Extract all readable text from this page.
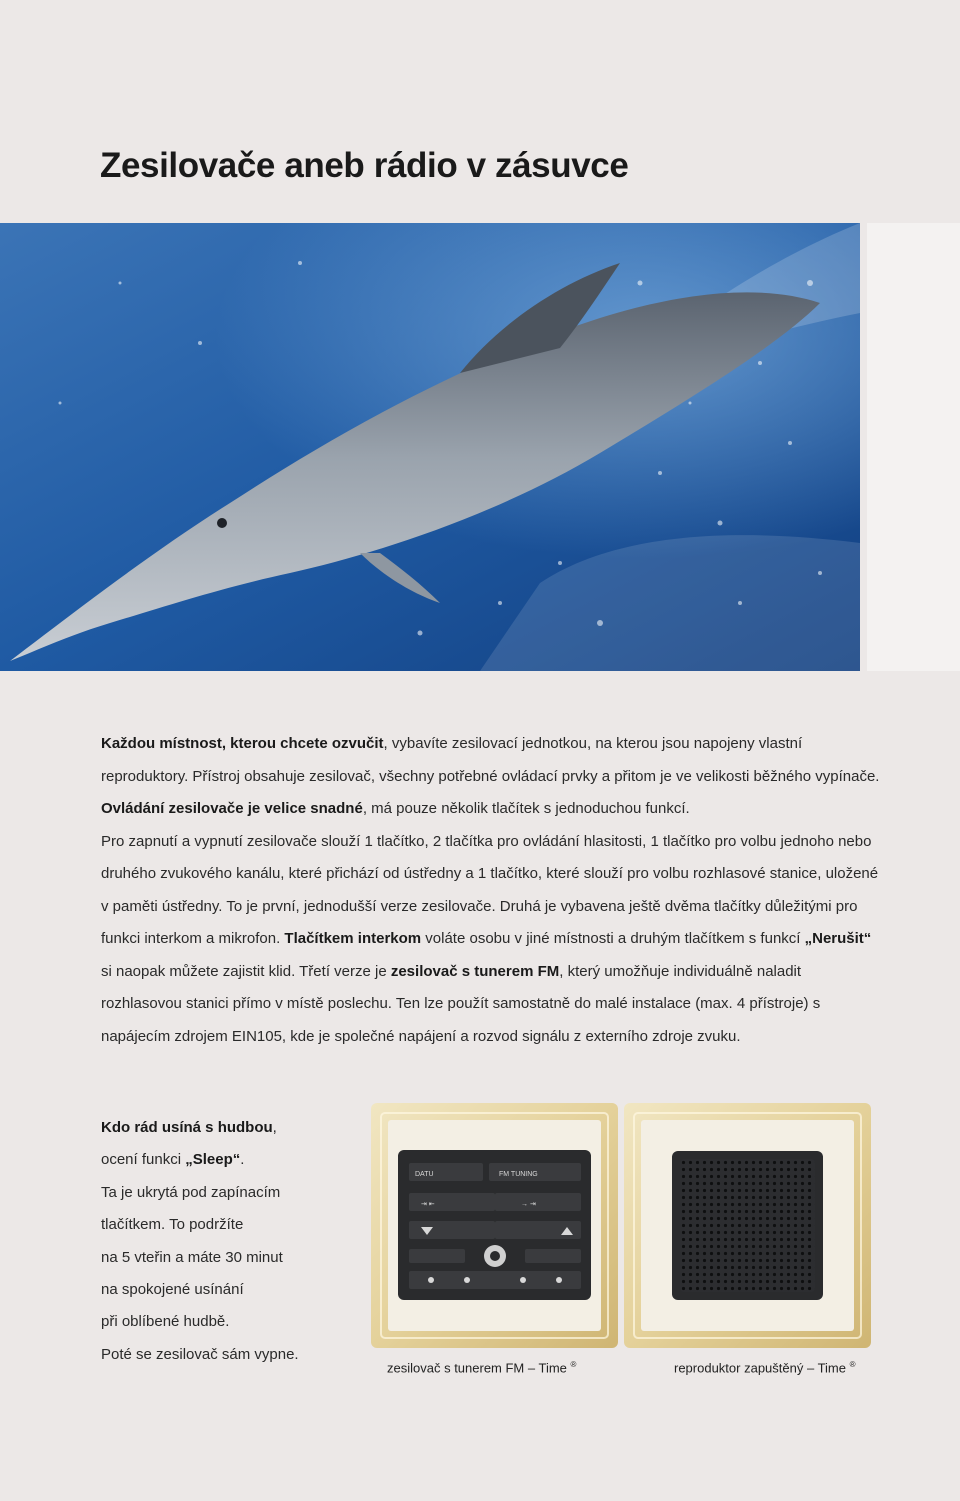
Zesilovače aneb rádio v zásuvce

Každou místnost, kterou chcete ozvučit, vybavíte zesilovací jednotkou, na kterou jsou napojeny vlastní reproduktory. Přístroj obsahuje zesilovač, všechny potřebné ovládací prvky a přitom je ve velikosti běžného vypínače. Ovládání zesilovače je velice snadné, má pouze několik tlačítek s jednoduchou funkcí.

Pro zapnutí a vypnutí zesilovače slouží 1 tlačítko, 2 tlačítka pro ovládání hlasitosti, 1 tlačítko pro volbu jednoho nebo druhého zvukového kanálu, které přichází od ústředny a 1 tlačítko, které slouží pro volbu rozhlasové stanice, uložené v paměti ústředny. To je první, jednodušší verze zesilovače. Druhá je vybavena ještě dvěma tlačítky důležitými pro funkci interkom a mikrofon. Tlačítkem interkom voláte osobu v jiné místnosti a druhým tlačítkem s funkcí „Nerušit“ si naopak můžete zajistit klid. Třetí verze je zesilovač s tunerem FM, který umožňuje individuálně naladit rozhlasovou stanici přímo v místě poslechu. Ten lze použít samostatně do malé instalace (max. 4 přístroje) s napájecím zdrojem EIN105, kde je společné napájení a rozvod signálu z externího zdroje zvuku.

Kdo rád usíná s hudbou,
ocení funkci „Sleep“.
Ta je ukrytá pod zapínacím
tlačítkem. To podržíte
na 5 vteřin a máte 30 minut
na spokojené usínání
při oblíbené hudbě.
Poté se zesilovač sám vypne.
DATU	FM TUNING
⇥ ⇤	→ ⇥
zesilovač s tunerem FM – Time ®	reproduktor zapuštěný – Time ®
